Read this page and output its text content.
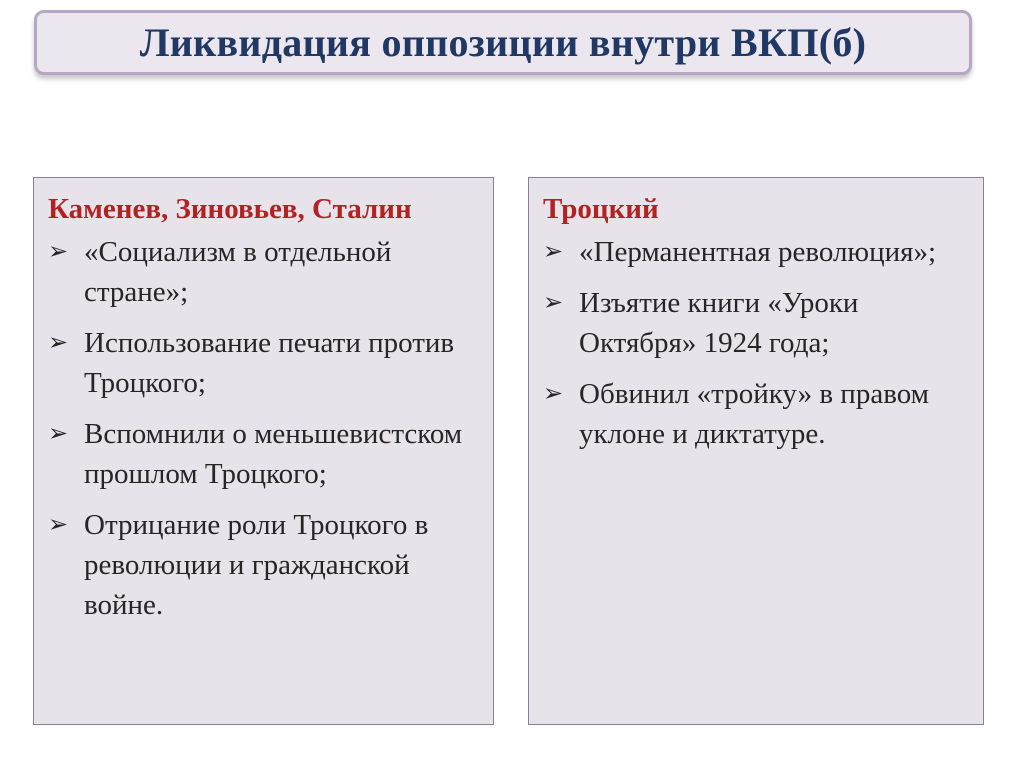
Ликвидация оппозиции внутри ВКП(б)
Каменев, Зиновьев, Сталин
➢ «Социализм в отдельной стране»;
➢ Использование печати против Троцкого;
➢ Вспомнили о меньшевистском прошлом Троцкого;
➢ Отрицание роли Троцкого в революции и гражданской войне.
Троцкий
➢ «Перманентная революция»;
➢ Изъятие книги «Уроки Октября» 1924 года;
➢ Обвинил «тройку» в правом уклоне и диктатуре.
